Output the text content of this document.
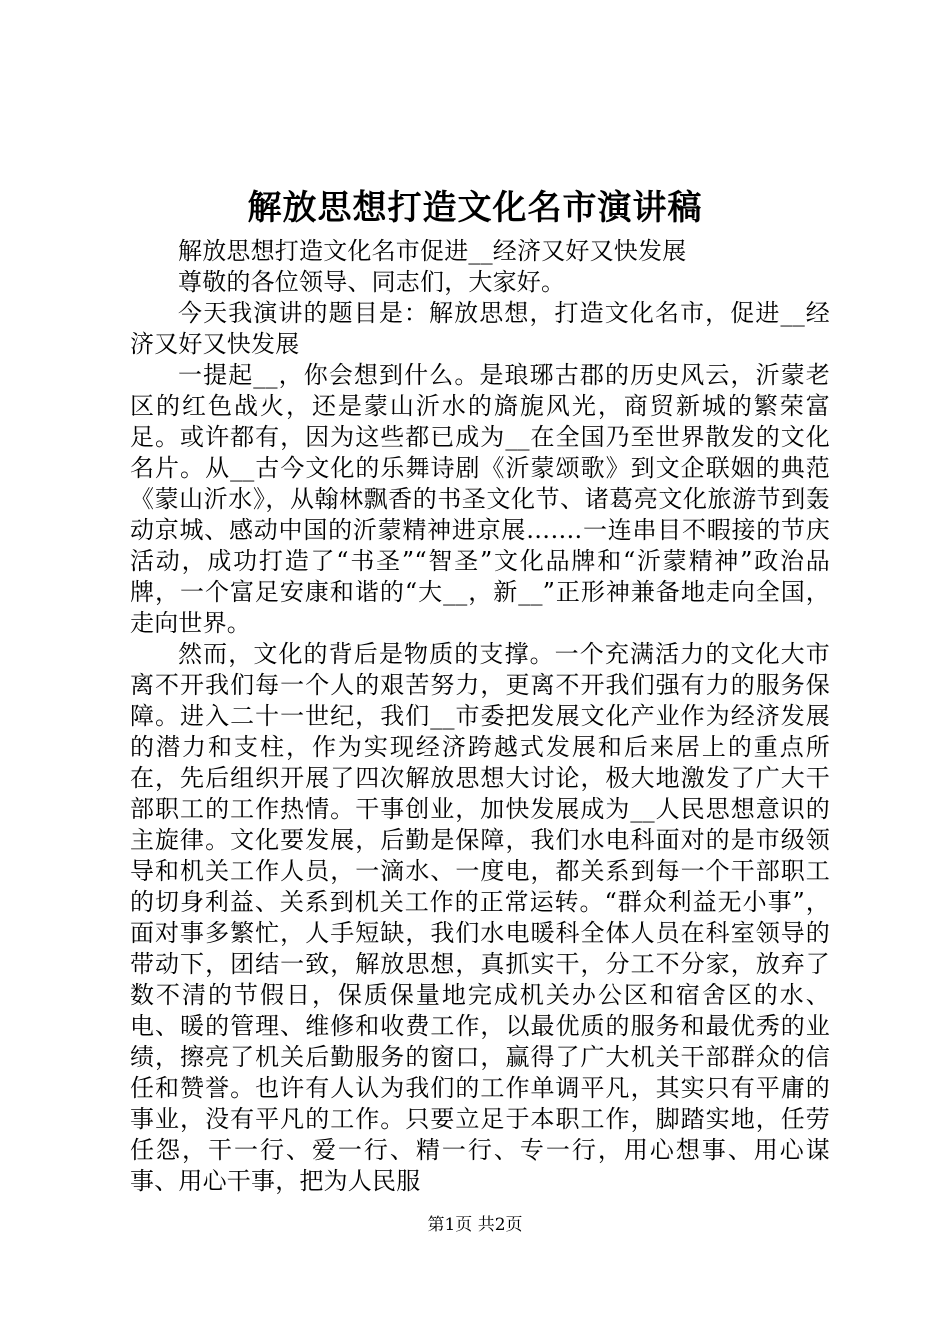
解放思想打造文化名市演讲稿

解放思想打造文化名市促进__经济又好又快发展

尊敬的各位领导、同志们，大家好。

今天我演讲的题目是：解放思想，打造文化名市，促进__经济又好又快发展

一提起__，你会想到什么。是琅琊古郡的历史风云，沂蒙老区的红色战火，还是蒙山沂水的旖旎风光，商贸新城的繁荣富足。或许都有，因为这些都已成为__在全国乃至世界散发的文化名片。从__古今文化的乐舞诗剧《沂蒙颂歌》到文企联姻的典范《蒙山沂水》，从翰林飘香的书圣文化节、诸葛亮文化旅游节到轰动京城、感动中国的沂蒙精神进京展…….一连串目不暇接的节庆活动，成功打造了“书圣”“智圣”文化品牌和“沂蒙精神”政治品牌，一个富足安康和谐的“大__，新__”正形神兼备地走向全国，走向世界。

然而，文化的背后是物质的支撑。一个充满活力的文化大市离不开我们每一个人的艰苦努力，更离不开我们强有力的服务保障。进入二十一世纪，我们__市委把发展文化产业作为经济发展的潜力和支柱，作为实现经济跨越式发展和后来居上的重点所在，先后组织开展了四次解放思想大讨论，极大地激发了广大干部职工的工作热情。干事创业，加快发展成为__人民思想意识的主旋律。文化要发展，后勤是保障，我们水电科面对的是市级领导和机关工作人员，一滴水、一度电，都关系到每一个干部职工的切身利益、关系到机关工作的正常运转。“群众利益无小事”，面对事多繁忙，人手短缺，我们水电暖科全体人员在科室领导的带动下，团结一致，解放思想，真抓实干，分工不分家，放弃了数不清的节假日，保质保量地完成机关办公区和宿舍区的水、电、暖的管理、维修和收费工作，以最优质的服务和最优秀的业绩，擦亮了机关后勤服务的窗口，赢得了广大机关干部群众的信任和赞誉。也许有人认为我们的工作单调平凡，其实只有平庸的事业，没有平凡的工作。只要立足于本职工作，脚踏实地，任劳任怨，干一行、爱一行、精一行、专一行，用心想事、用心谋事、用心干事，把为人民服

第1页 共2页
